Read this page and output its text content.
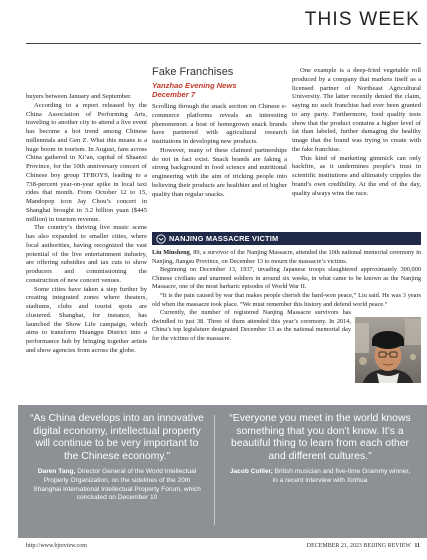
THIS WEEK

buyers between January and September.

According to a report released by the China Association of Performing Arts, traveling to another city to attend a live event has become a hot trend among Chinese millennials and Gen Z. What this means is a huge boom in tourism. In August, fans across China gathered in Xi’an, capital of Shaanxi Province, for the 10th anniversary concert of Chinese boy group TFBOYS, leading to a 738-percent year-on-year spike in local taxi rides that month. From October 12 to 15, Mandopop icon Jay Chou’s concert in Shanghai brought in 3.2 billion yuan ($445 million) in tourism revenue.

The country’s thriving live music scene has also expanded to smaller cities, where local authorities, having recognized the vast potential of the live entertainment industry, are offering subsidies and tax cuts to show producers and commissioning the construction of new concert venues.

Some cities have taken a step further by creating integrated zones where theaters, stadiums, clubs and tourist spots are clustered. Shanghai, for instance, has launched the Show Life campaign, which aims to transform Huangpu District into a performance hub by bringing together artists and show agencies from across the globe.

Fake Franchises
Yanzhao Evening News
December 7

Scrolling through the snack section on Chinese e-commerce platforms reveals an interesting phenomenon: a host of homegrown snack brands have partnered with agricultural research institutions in developing new products.

However, many of these claimed partnerships do not in fact exist. Snack brands are faking a strong background in food science and nutritional engineering with the aim of tricking people into believing their products are healthier and of higher quality than regular snacks.

One example is a deep-fried vegetable roll produced by a company that markets itself as a licensed partner of Northeast Agricultural University. The latter recently denied the claim, saying no such franchise had ever been granted to any party. Furthermore, food quality tests show that the product contains a higher level of fat than labeled, further damaging the healthy image that the brand was trying to create with the fake franchise.

This kind of marketing gimmick can only backfire, as it undermines people’s trust in scientific institutions and ultimately cripples the brand’s own credibility. At the end of the day, quality always wins the race.

NANJING MASSACRE VICTIM

Liu Minsheng, 89, a survivor of the Nanjing Massacre, attended the 10th national memorial ceremony in Nanjing, Jiangsu Province, on December 13 to mourn the massacre’s victims.

Beginning on December 13, 1937, invading Japanese troops slaughtered approximately 300,000 Chinese civilians and unarmed soldiers in around six weeks, in what came to be known as the Nanjing Massacre, one of the most barbaric episodes of World War II.

“It is the pain caused by war that makes people cherish the hard-won peace,” Liu said. He was 3 years old when the massacre took place. “We must remember this history and defend world peace.”

Currently, the number of registered Nanjing Massacre survivors has dwindled to just 38. Three of them attended this year’s ceremony. In 2014, China’s top legislature designated December 13 as the national memorial day for the victims of the massacre.

“As China develops into an innovative digital economy, intellectual property will continue to be very important to the Chinese economy.”

Daren Tang, Director General of the World Intellectual Property Organization, on the sidelines of the 20th Shanghai International Intellectual Property Forum, which concluded on December 10

“Everyone you meet in the world knows something that you don’t know. It’s a beautiful thing to learn from each other and different cultures.”

Jacob Collier, British musician and five-time Grammy winner, in a recent interview with Xinhua

http://www.bjreview.com	DECEMBER 21, 2023 BEIJING REVIEW 11
